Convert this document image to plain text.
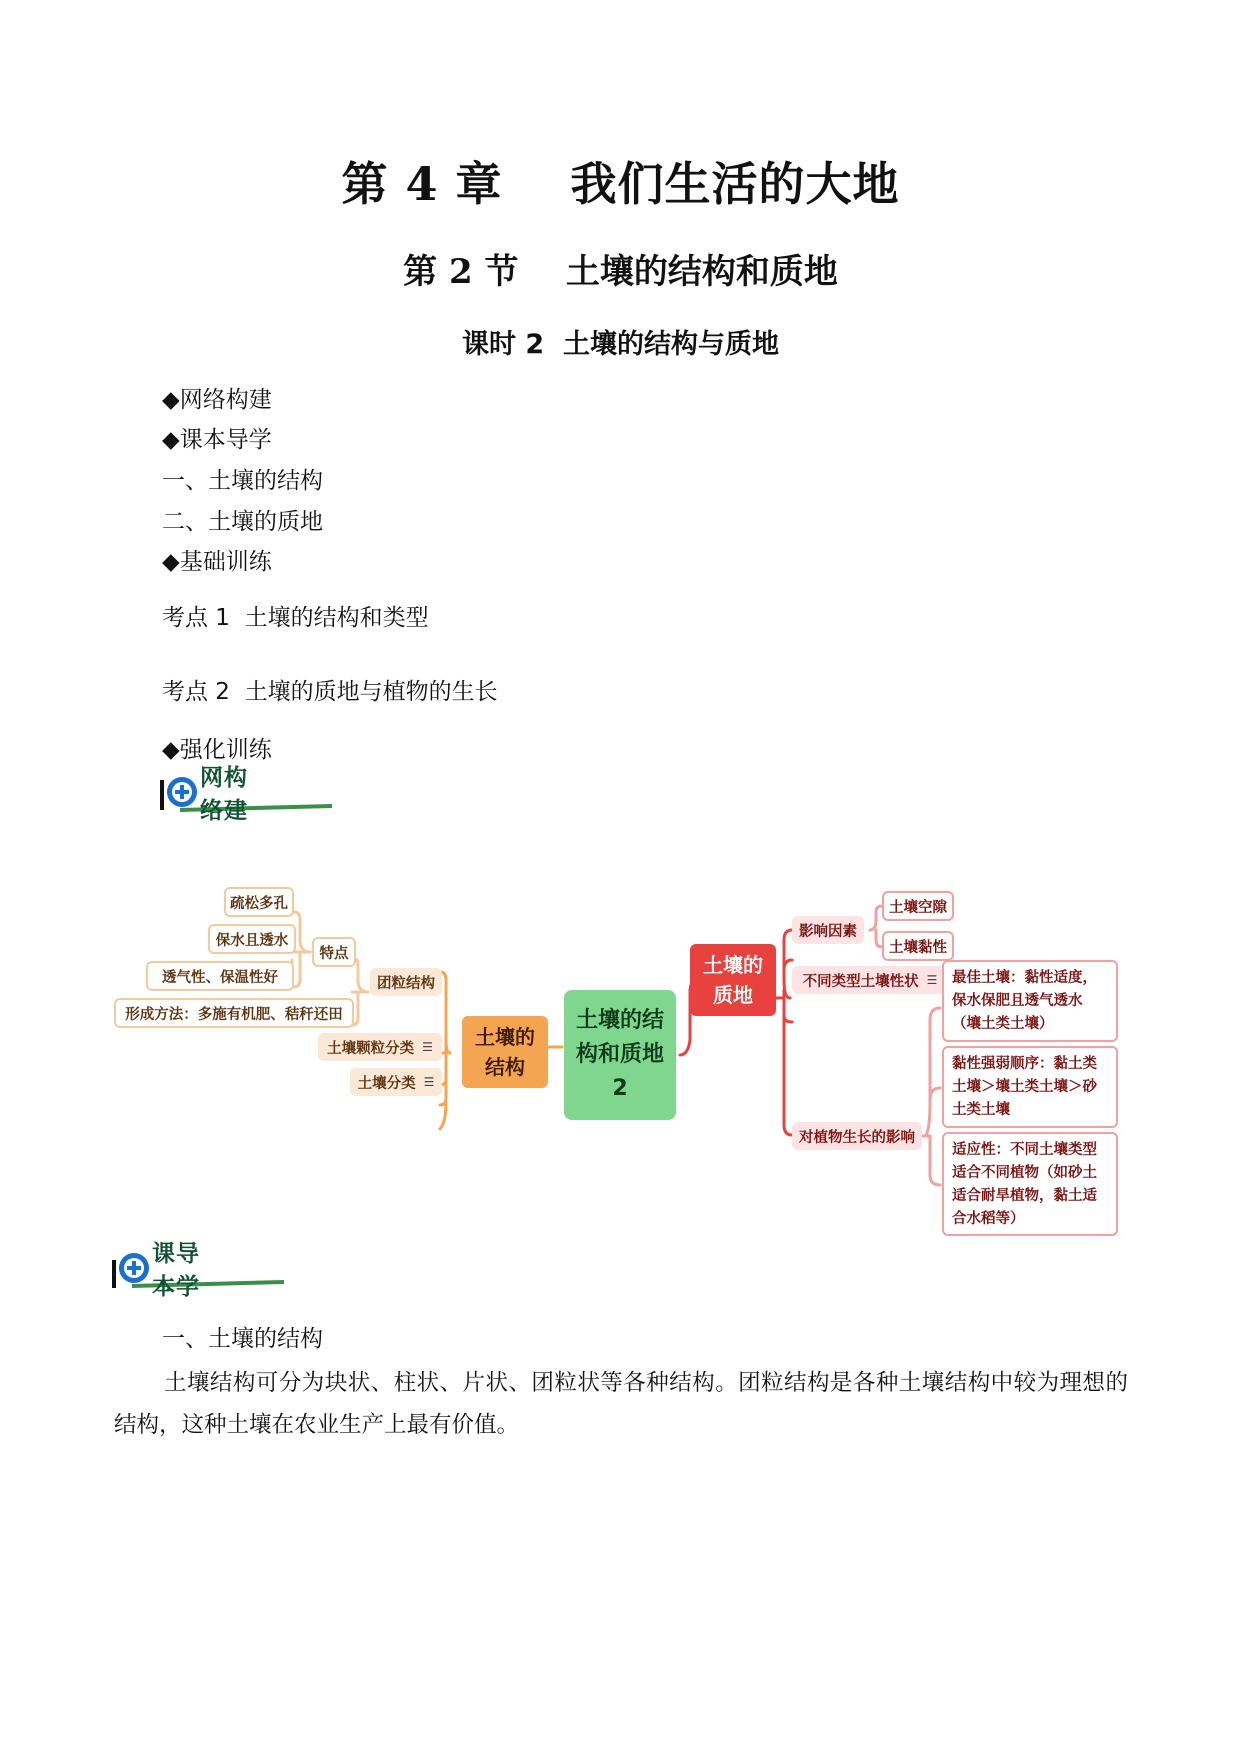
第 4 章    我们生活的大地
第 2 节    土壤的结构和质地
课时 2  土壤的结构与质地
◆网络构建
◆课本导学
一、土壤的结构
二、土壤的质地
◆基础训练
考点 1  土壤的结构和类型
考点 2  土壤的质地与植物的生长
◆强化训练
网络
构建
疏松多孔
保水且透水
透气性、保温性好
形成方法：多施有机肥、秸秆还田
特点
团粒结构
土壤颗粒分类 ☰
土壤分类 ☰
土壤的结构
土壤的结构和质地2
土壤的质地
影响因素
不同类型土壤性状 ☰
对植物生长的影响
土壤空隙
土壤黏性
最佳土壤：黏性适度，保水保肥且透气透水（壤土类土壤）
黏性强弱顺序：黏土类土壤＞壤土类土壤＞砂土类土壤
适应性：不同土壤类型适合不同植物（如砂土适合耐旱植物，黏土适合水稻等）
课本
导学
一、土壤的结构
土壤结构可分为块状、柱状、片状、团粒状等各种结构。团粒结构是各种土壤结构中较为理想的结构，这种土壤在农业生产上最有价值。
